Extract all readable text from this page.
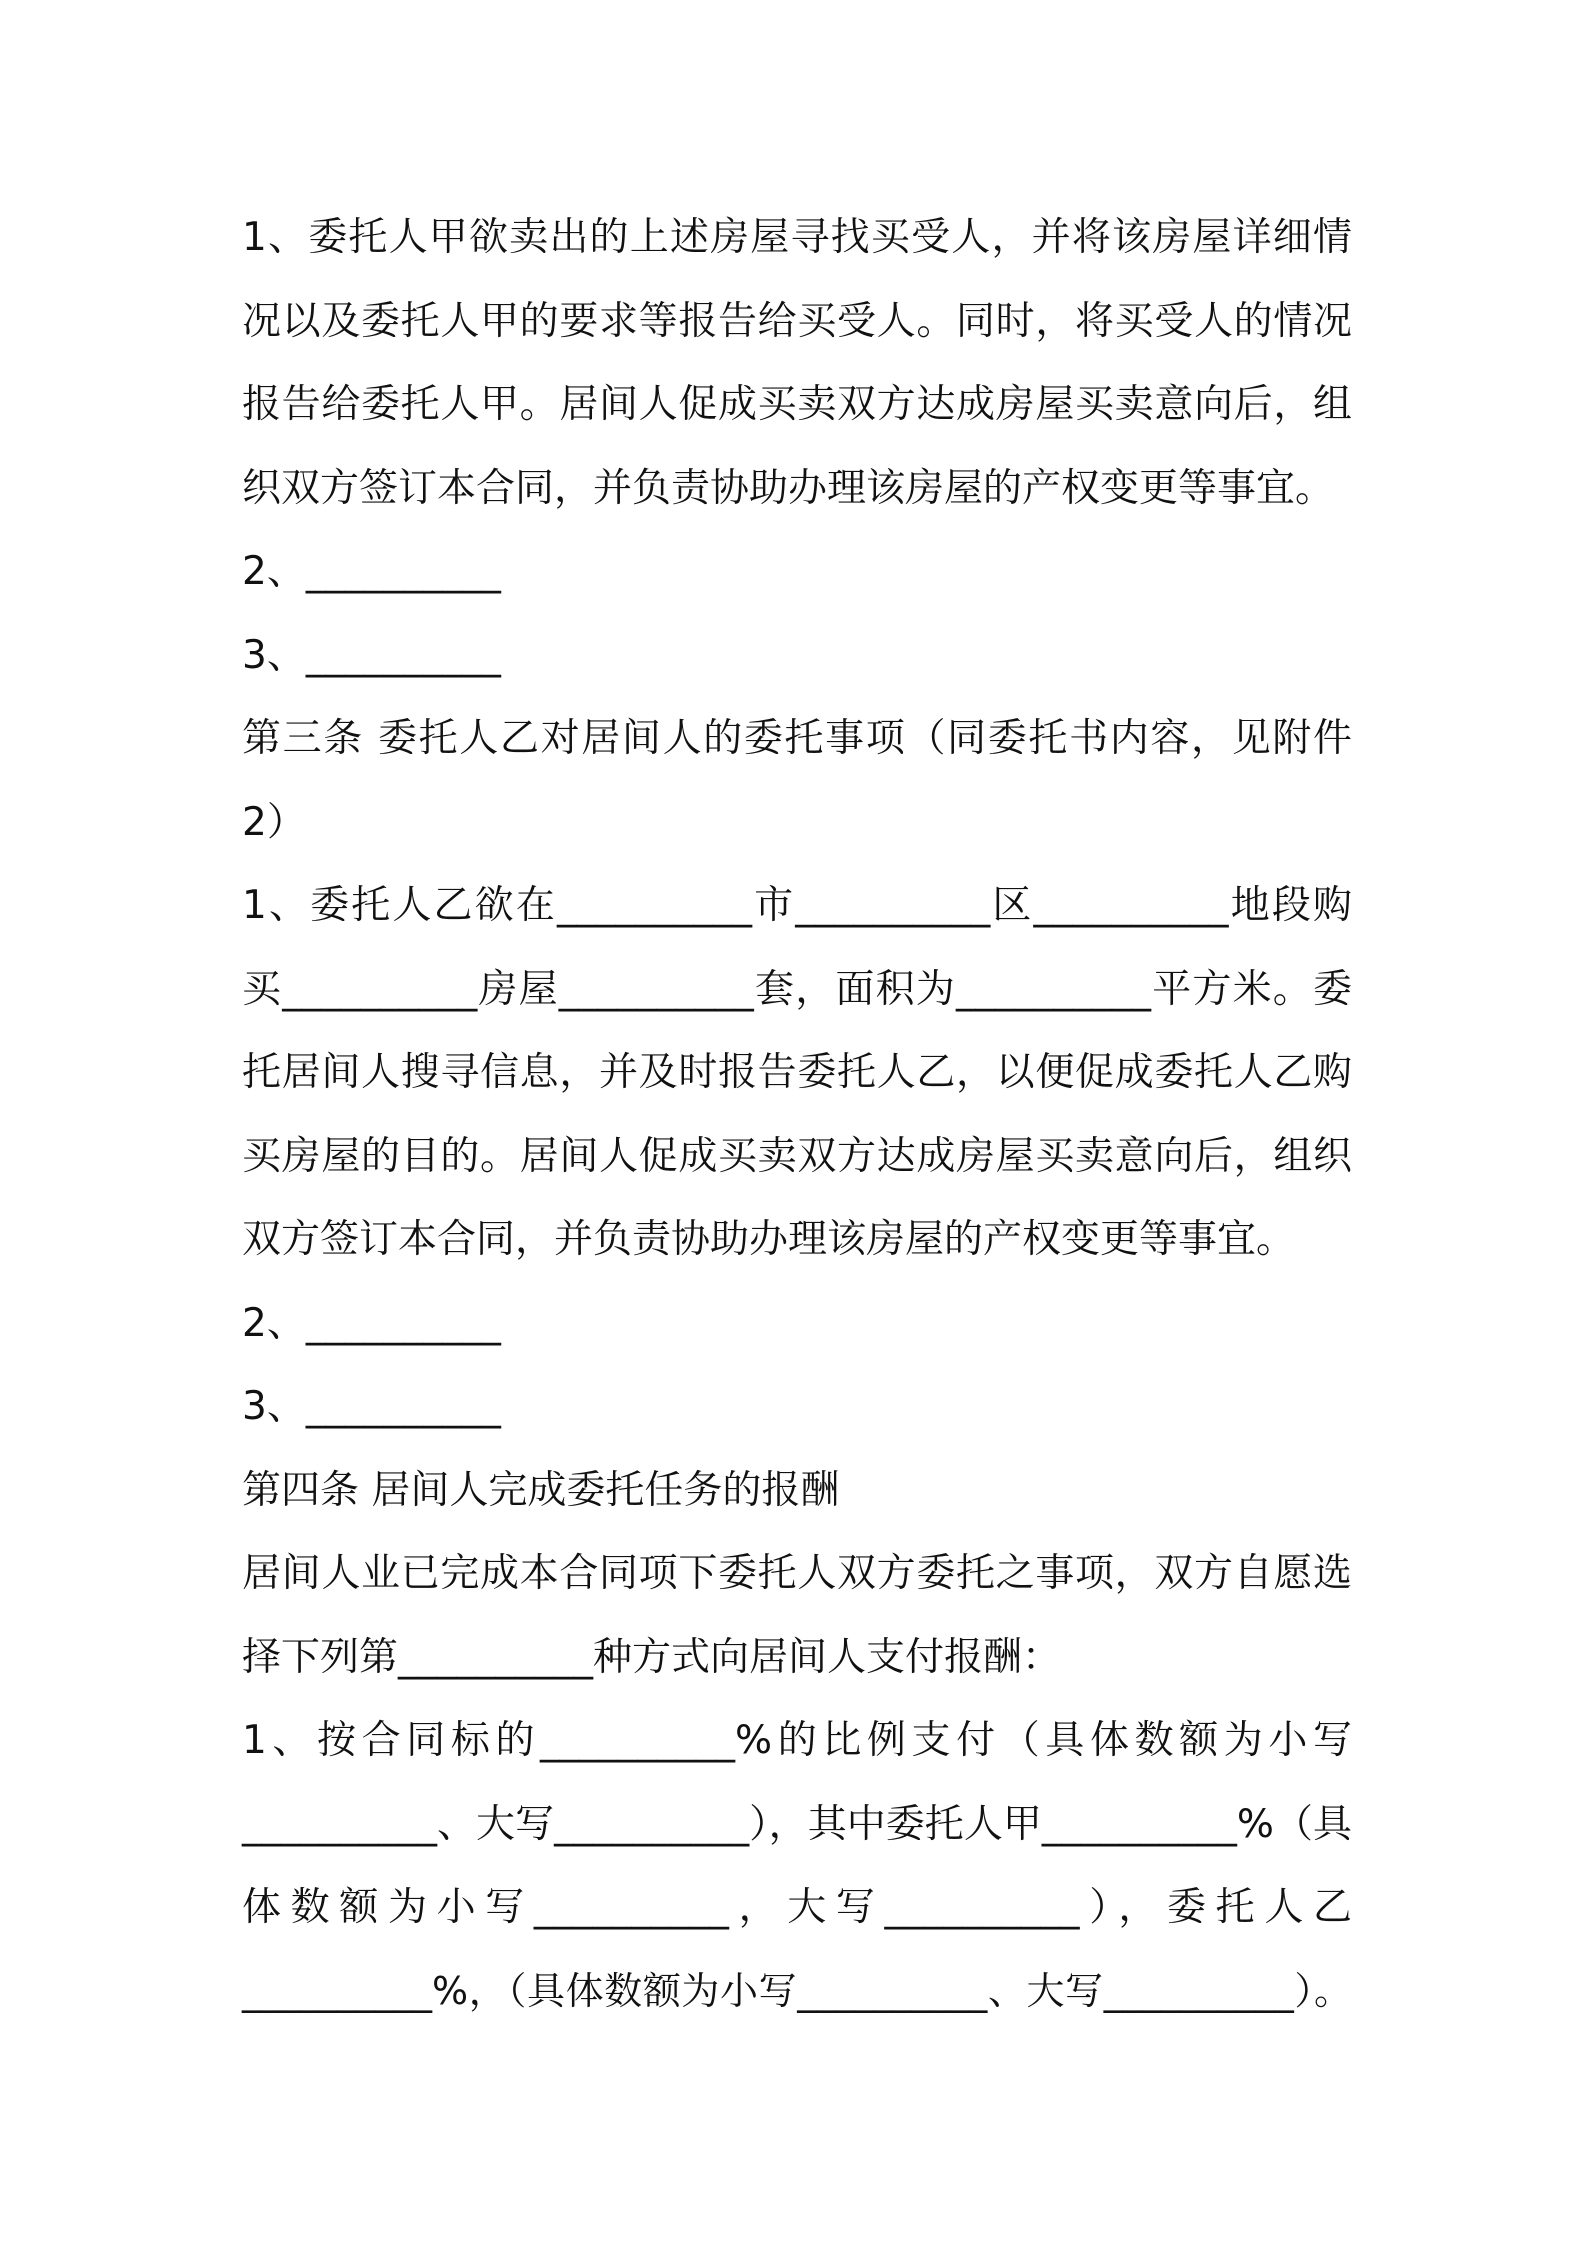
1、委托人甲欲卖出的上述房屋寻找买受人，并将该房屋详细情

况以及委托人甲的要求等报告给买受人。同时，将买受人的情况

报告给委托人甲。居间人促成买卖双方达成房屋买卖意向后，组

织双方签订本合同，并负责协助办理该房屋的产权变更等事宜。

2、__________

3、__________

第三条 委托人乙对居间人的委托事项（同委托书内容，见附件

2）

1、委托人乙欲在__________市__________区__________地段购

买__________房屋__________套，面积为__________平方米。委

托居间人搜寻信息，并及时报告委托人乙，以便促成委托人乙购

买房屋的目的。居间人促成买卖双方达成房屋买卖意向后，组织

双方签订本合同，并负责协助办理该房屋的产权变更等事宜。

2、__________

3、__________

第四条 居间人完成委托任务的报酬

居间人业已完成本合同项下委托人双方委托之事项，双方自愿选

择下列第__________种方式向居间人支付报酬：

1、按合同标的__________%的比例支付（具体数额为小写

__________、大写__________），其中委托人甲__________%（具

体数额为小写__________，大写__________），委托人乙

__________%，（具体数额为小写__________、大写__________）。
